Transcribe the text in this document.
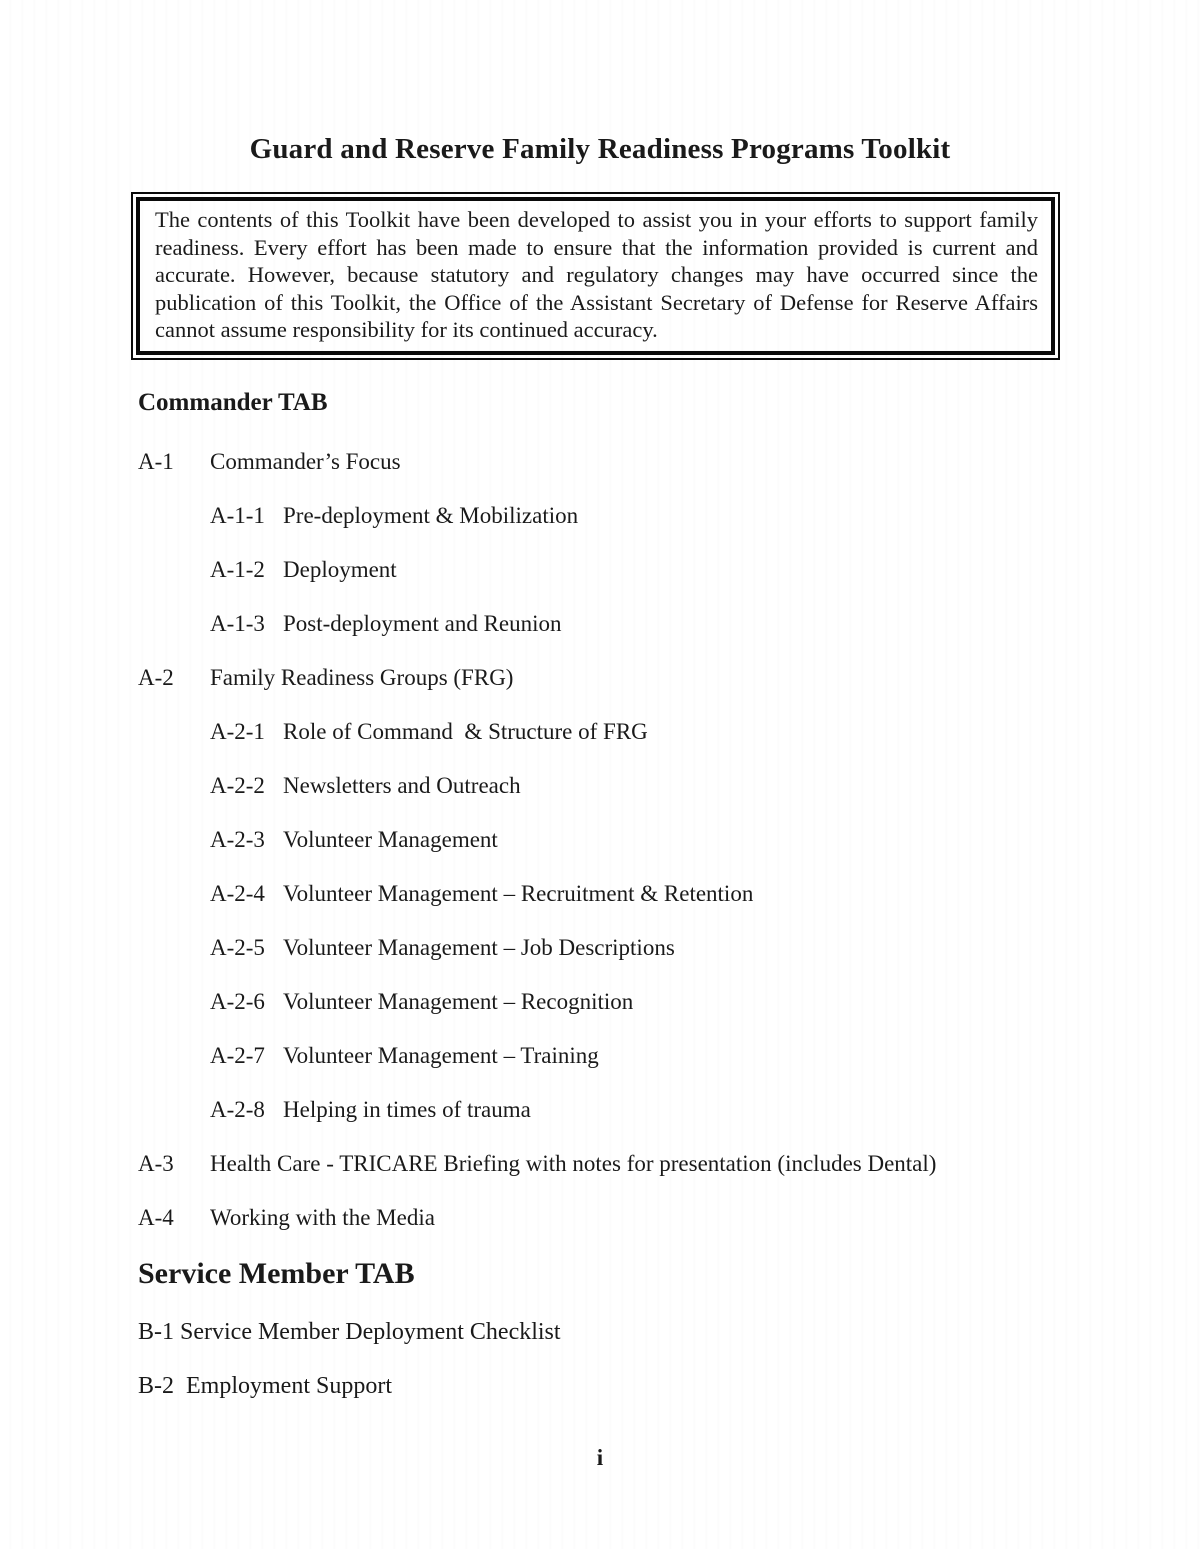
Guard and Reserve Family Readiness Programs Toolkit

The contents of this Toolkit have been developed to assist you in your efforts to support family readiness. Every effort has been made to ensure that the information provided is current and accurate. However, because statutory and regulatory changes may have occurred since the publication of this Toolkit, the Office of the Assistant Secretary of Defense for Reserve Affairs cannot assume responsibility for its continued accuracy.

Commander TAB
A-1	Commander’s Focus
A-1-1 Pre-deployment & Mobilization
A-1-2 Deployment
A-1-3 Post-deployment and Reunion
A-2	Family Readiness Groups (FRG)
A-2-1 Role of Command  & Structure of FRG
A-2-2 Newsletters and Outreach
A-2-3 Volunteer Management
A-2-4 Volunteer Management – Recruitment & Retention
A-2-5 Volunteer Management – Job Descriptions
A-2-6 Volunteer Management – Recognition
A-2-7 Volunteer Management – Training
A-2-8 Helping in times of trauma
A-3	Health Care - TRICARE Briefing with notes for presentation (includes Dental)
A-4	Working with the Media
Service Member TAB
B-1 Service Member Deployment Checklist
B-2  Employment Support
i
